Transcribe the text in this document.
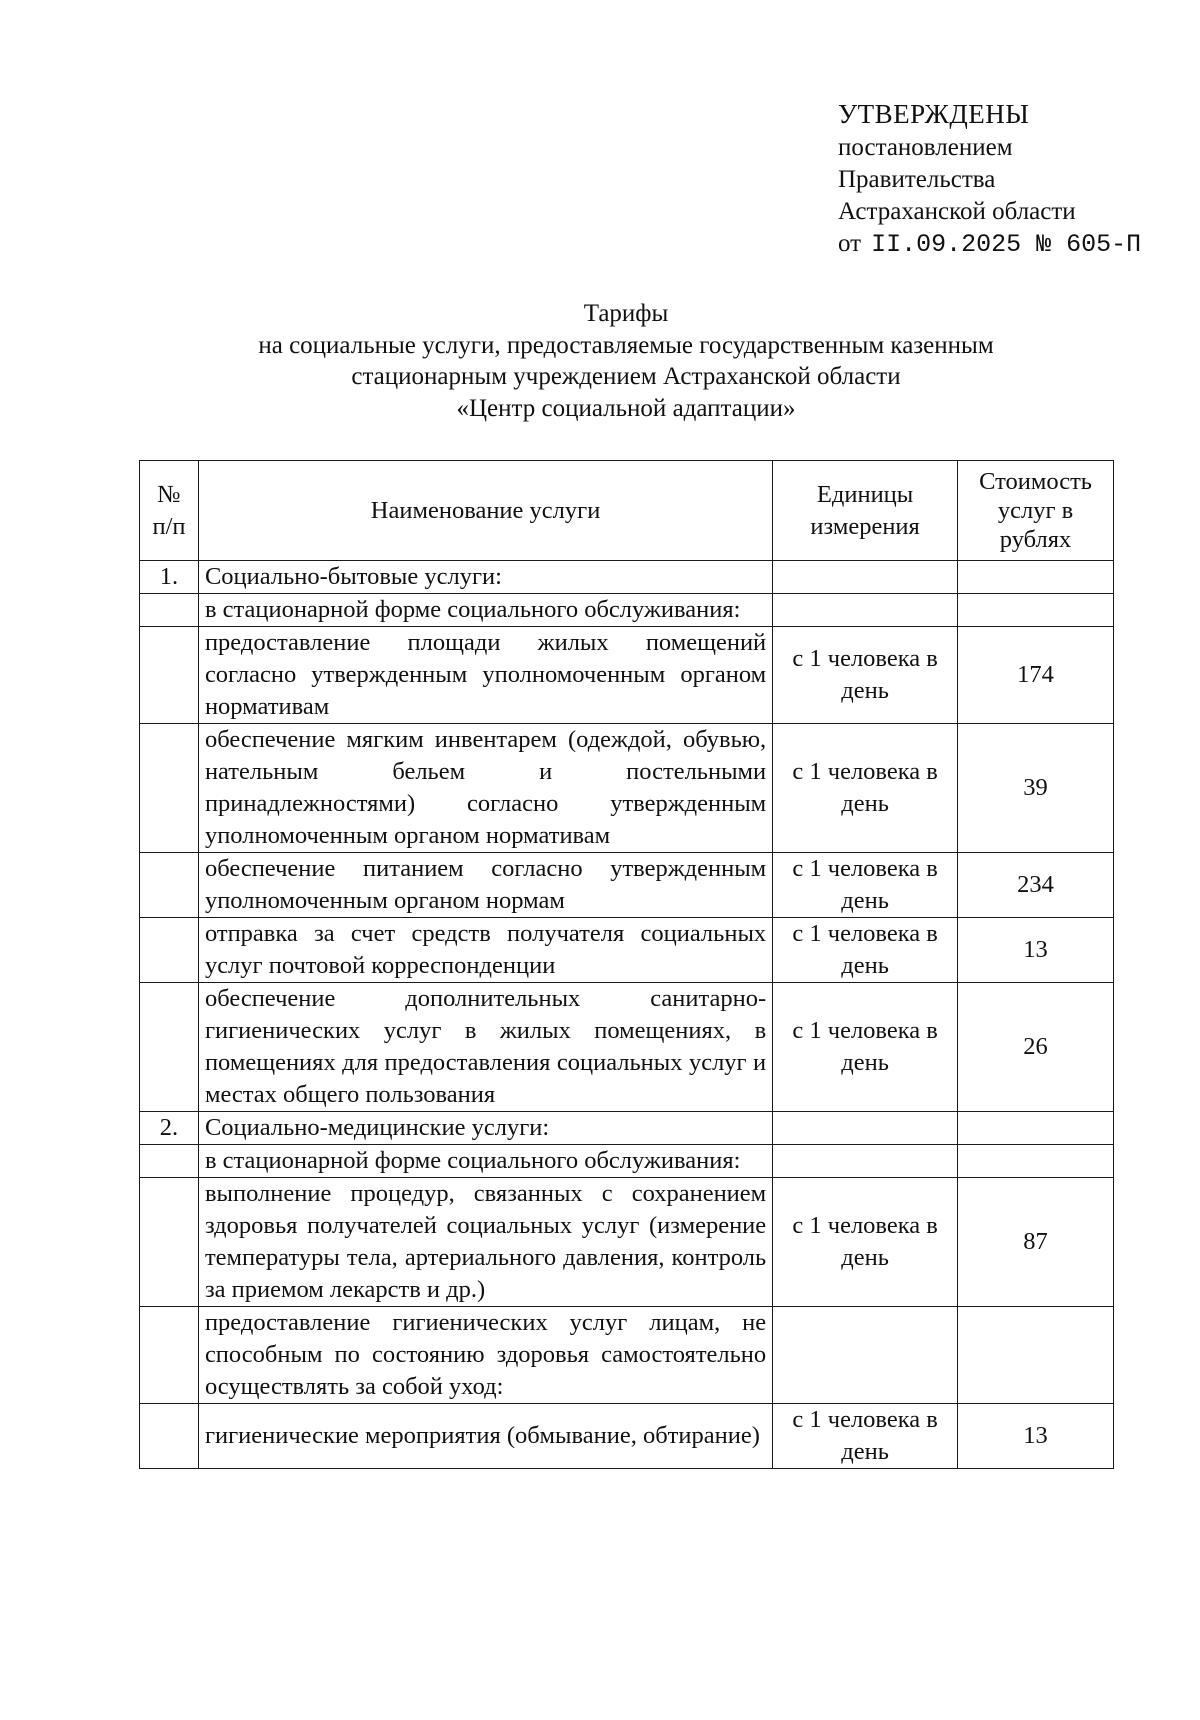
УТВЕРЖДЕНЫ
постановлением
Правительства
Астраханской области
от II.09.2025 № 605-П
Тарифы
на социальные услуги, предоставляемые государственным казенным
стационарным учреждением Астраханской области
«Центр социальной адаптации»
№ п/п	Наименование услуги	Единицы измерения	Стоимость услуг в рублях
1.	Социально-бытовые услуги:		
	в стационарной форме социального обслуживания:		
	предоставление площади жилых помещений согласно утвержденным уполномоченным органом нормативам	с 1 человека в день	174
	обеспечение мягким инвентарем (одеждой, обувью, нательным бельем и постельными принадлежностями) согласно утвержденным уполномоченным органом нормативам	с 1 человека в день	39
	обеспечение питанием согласно утвержденным уполномоченным органом нормам	с 1 человека в день	234
	отправка за счет средств получателя социальных услуг почтовой корреспонденции	с 1 человека в день	13
	обеспечение дополнительных санитарно-гигиенических услуг в жилых помещениях, в помещениях для предоставления социальных услуг и местах общего пользования	с 1 человека в день	26
2.	Социально-медицинские услуги:		
	в стационарной форме социального обслуживания:		
	выполнение процедур, связанных с сохранением здоровья получателей социальных услуг (измерение температуры тела, артериального давления, контроль за приемом лекарств и др.)	с 1 человека в день	87
	предоставление гигиенических услуг лицам, не способным по состоянию здоровья самостоятельно осуществлять за собой уход:		
	гигиенические мероприятия (обмывание, обтирание)	с 1 человека в день	13
